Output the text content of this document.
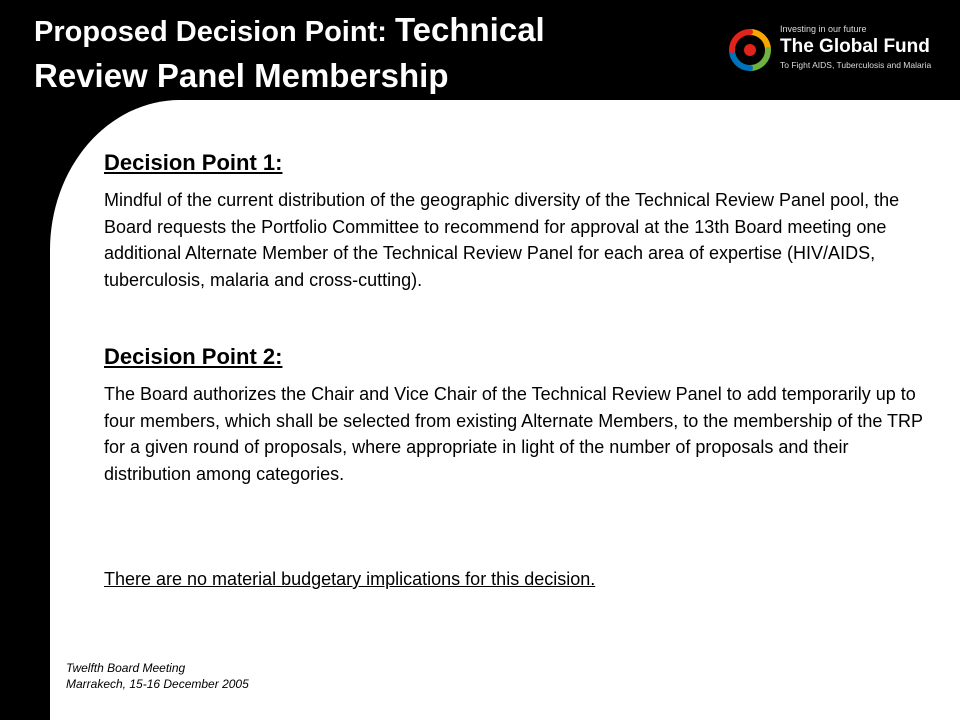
Proposed Decision Point: Technical
Review Panel Membership
Investing in our future
The Global Fund
To Fight AIDS, Tuberculosis and Malaria
Decision Point 1:

Mindful of the current distribution of the geographic diversity of the Technical Review Panel pool, the Board requests the Portfolio Committee to recommend for approval at the 13th Board meeting one additional Alternate Member of the Technical Review Panel for each area of expertise (HIV/AIDS, tuberculosis, malaria and cross-cutting).

Decision Point 2:

The Board authorizes the Chair and Vice Chair of the Technical Review Panel to add temporarily up to four members, which shall be selected from existing Alternate Members, to the membership of the TRP for a given round of proposals, where appropriate in light of the number of proposals and their distribution among categories.

There are no material budgetary implications for this decision.

Twelfth Board Meeting
Marrakech, 15-16 December 2005
